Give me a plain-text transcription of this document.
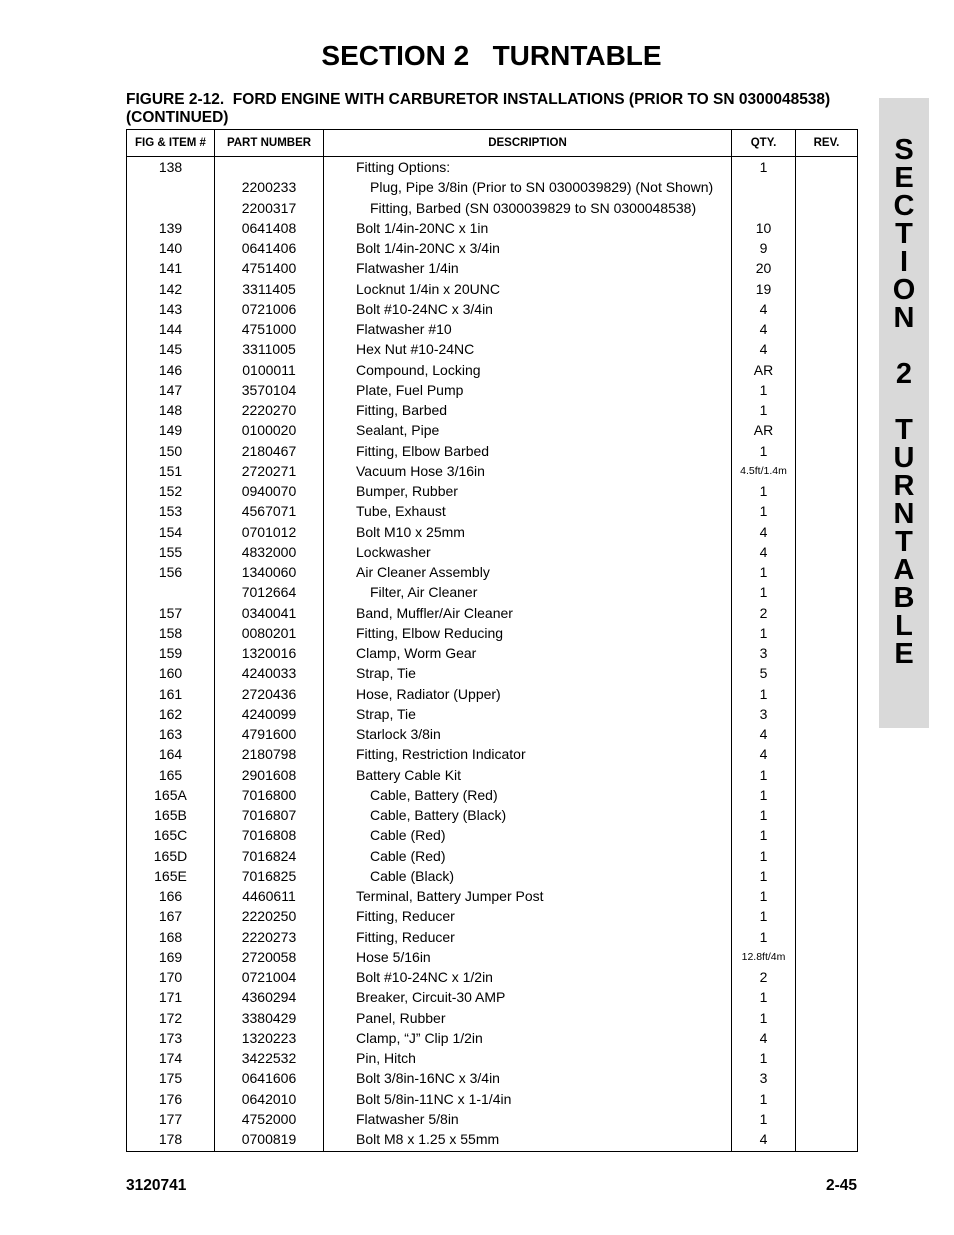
SECTION 2   TURNTABLE
FIGURE 2-12.  FORD ENGINE WITH CARBURETOR INSTALLATIONS (PRIOR TO SN 0300048538)
(CONTINUED)
FIG & ITEM #	PART NUMBER	DESCRIPTION	QTY.	REV.
138		Fitting Options:	1	
	2200233	Plug, Pipe 3/8in (Prior to SN 0300039829) (Not Shown)		
	2200317	Fitting, Barbed (SN 0300039829 to SN 0300048538)		
139	0641408	Bolt 1/4in-20NC x 1in	10	
140	0641406	Bolt 1/4in-20NC x 3/4in	9	
141	4751400	Flatwasher 1/4in	20	
142	3311405	Locknut 1/4in x 20UNC	19	
143	0721006	Bolt #10-24NC x 3/4in	4	
144	4751000	Flatwasher #10	4	
145	3311005	Hex Nut #10-24NC	4	
146	0100011	Compound, Locking	AR	
147	3570104	Plate, Fuel Pump	1	
148	2220270	Fitting, Barbed	1	
149	0100020	Sealant, Pipe	AR	
150	2180467	Fitting, Elbow Barbed	1	
151	2720271	Vacuum Hose 3/16in	4.5ft/1.4m	
152	0940070	Bumper, Rubber	1	
153	4567071	Tube, Exhaust	1	
154	0701012	Bolt M10 x 25mm	4	
155	4832000	Lockwasher	4	
156	1340060	Air Cleaner Assembly	1	
	7012664	Filter, Air Cleaner	1	
157	0340041	Band, Muffler/Air Cleaner	2	
158	0080201	Fitting, Elbow Reducing	1	
159	1320016	Clamp, Worm Gear	3	
160	4240033	Strap, Tie	5	
161	2720436	Hose, Radiator (Upper)	1	
162	4240099	Strap, Tie	3	
163	4791600	Starlock 3/8in	4	
164	2180798	Fitting, Restriction Indicator	4	
165	2901608	Battery Cable Kit	1	
165A	7016800	Cable, Battery (Red)	1	
165B	7016807	Cable, Battery (Black)	1	
165C	7016808	Cable (Red)	1	
165D	7016824	Cable (Red)	1	
165E	7016825	Cable (Black)	1	
166	4460611	Terminal, Battery Jumper Post	1	
167	2220250	Fitting, Reducer	1	
168	2220273	Fitting, Reducer	1	
169	2720058	Hose 5/16in	12.8ft/4m	
170	0721004	Bolt #10-24NC x 1/2in	2	
171	4360294	Breaker, Circuit-30 AMP	1	
172	3380429	Panel, Rubber	1	
173	1320223	Clamp, “J” Clip 1/2in	4	
174	3422532	Pin, Hitch	1	
175	0641606	Bolt 3/8in-16NC x 3/4in	3	
176	0642010	Bolt 5/8in-11NC x 1-1/4in	1	
177	4752000	Flatwasher 5/8in	1	
178	0700819	Bolt M8 x 1.25 x 55mm	4	

3120741	2-45
S
E
C
T
I
O
N
2
T
U
R
N
T
A
B
L
E
